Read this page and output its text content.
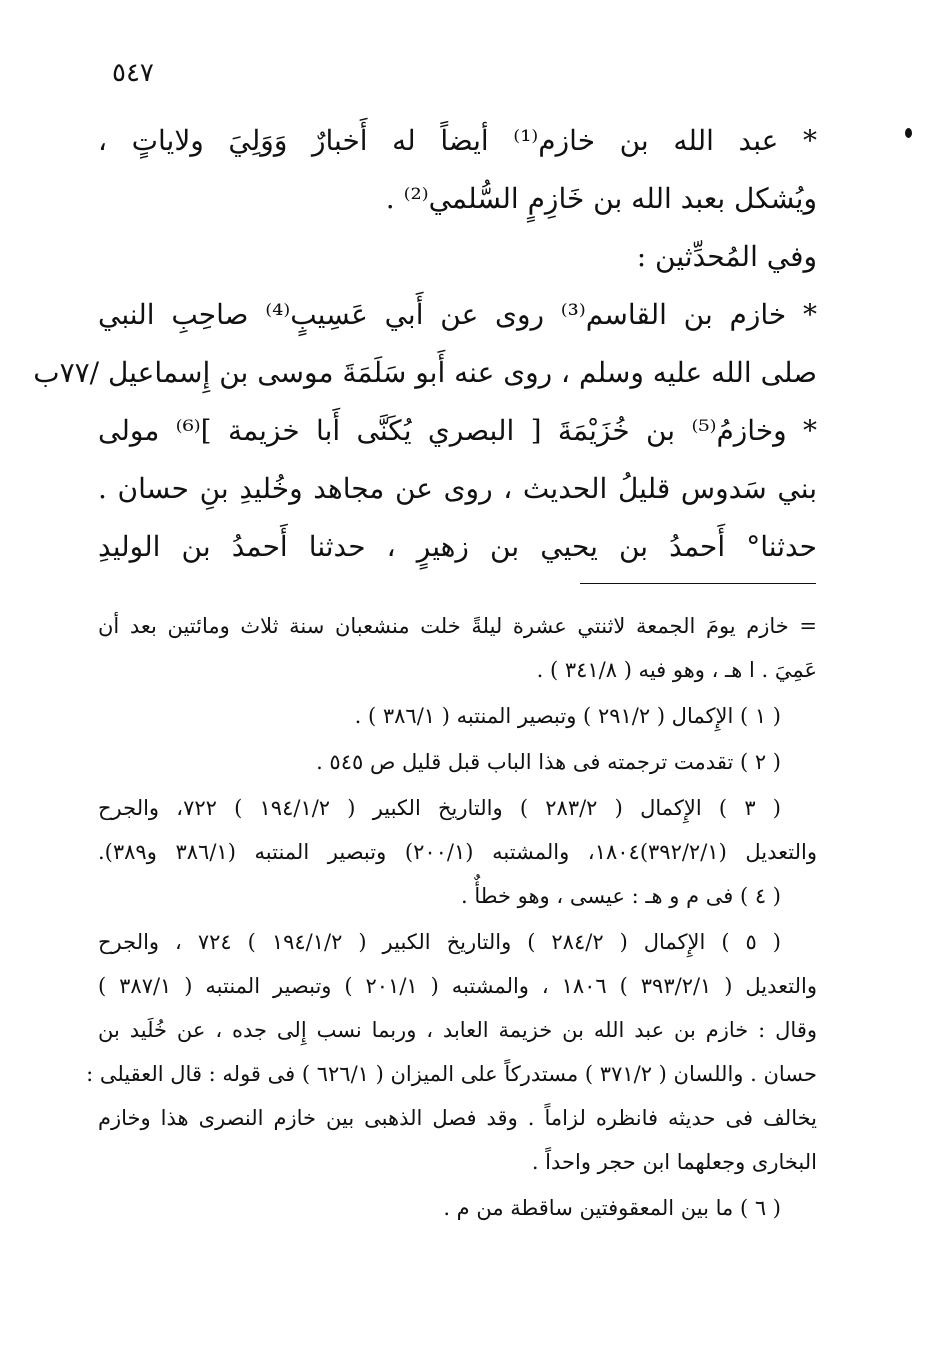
٥٤٧
* عبد الله بن خازم⁽¹⁾ أيضاً له أَخبارٌ وَوَلِيَ ولاياتٍ ،
ويُشكل بعبد الله بن خَازِمٍ السُّلمي⁽²⁾ .
وفي المُحدِّثين :
* خازم بن القاسم⁽³⁾ روى عن أَبي عَسِيبٍ⁽⁴⁾ صاحِبِ النبي
صلى الله عليه وسلم ، روى عنه أَبو سَلَمَةَ موسى بن إِسماعيل /٧٧ب
* وخازمُ⁽⁵⁾ بن خُزَيْمَةَ [ البصري يُكَنَّى أَبا خزيمة ]⁽⁶⁾ مولى
بني سَدوس قليلُ الحديث ، روى عن مجاهد وخُليدِ بنِ حسان .
حدثنا° أَحمدُ بن يحيي بن زهيرٍ ، حدثنا أَحمدُ بن الوليدِ
= خازم يومَ الجمعة لاثنتي عشرة ليلةً خلت منشعبان سنة ثلاث ومائتين بعد أن
عَمِيَ . ا هـ ، وهو فيه ( ٣٤١/٨ ) .
( ١ ) الإِكمال ( ٢٩١/٢ ) وتبصير المنتبه ( ٣٨٦/١ ) .
( ٢ ) تقدمت ترجمته فى هذا الباب قبل قليل ص ٥٤٥ .
( ٣ ) الإِكمال ( ٢٨٣/٢ ) والتاريخ الكبير ( ١٩٤/١/٢ ) ٧٢٢، والجرح
والتعديل (٣٩٢/٢/١)١٨٠٤، والمشتبه (٢٠٠/١) وتبصير المنتبه (٣٨٦/١ و٣٨٩).
( ٤ ) فى م و هـ : عيسى ، وهو خطأٌ .
( ٥ ) الإِكمال ( ٢٨٤/٢ ) والتاريخ الكبير ( ١٩٤/١/٢ ) ٧٢٤ ، والجرح
والتعديل ( ٣٩٣/٢/١ ) ١٨٠٦ ، والمشتبه ( ٢٠١/١ ) وتبصير المنتبه ( ٣٨٧/١ )
وقال : خازم بن عبد الله بن خزيمة العابد ، وربما نسب إِلى جده ، عن خُلَيد بن
حسان . واللسان ( ٣٧١/٢ ) مستدركاً على الميزان ( ٦٢٦/١ ) فى قوله : قال العقيلى :
يخالف فى حديثه فانظره لزاماً . وقد فصل الذهبى بين خازم النصرى هذا وخازم
البخارى وجعلهما ابن حجر واحداً .
( ٦ ) ما بين المعقوفتين ساقطة من م .
